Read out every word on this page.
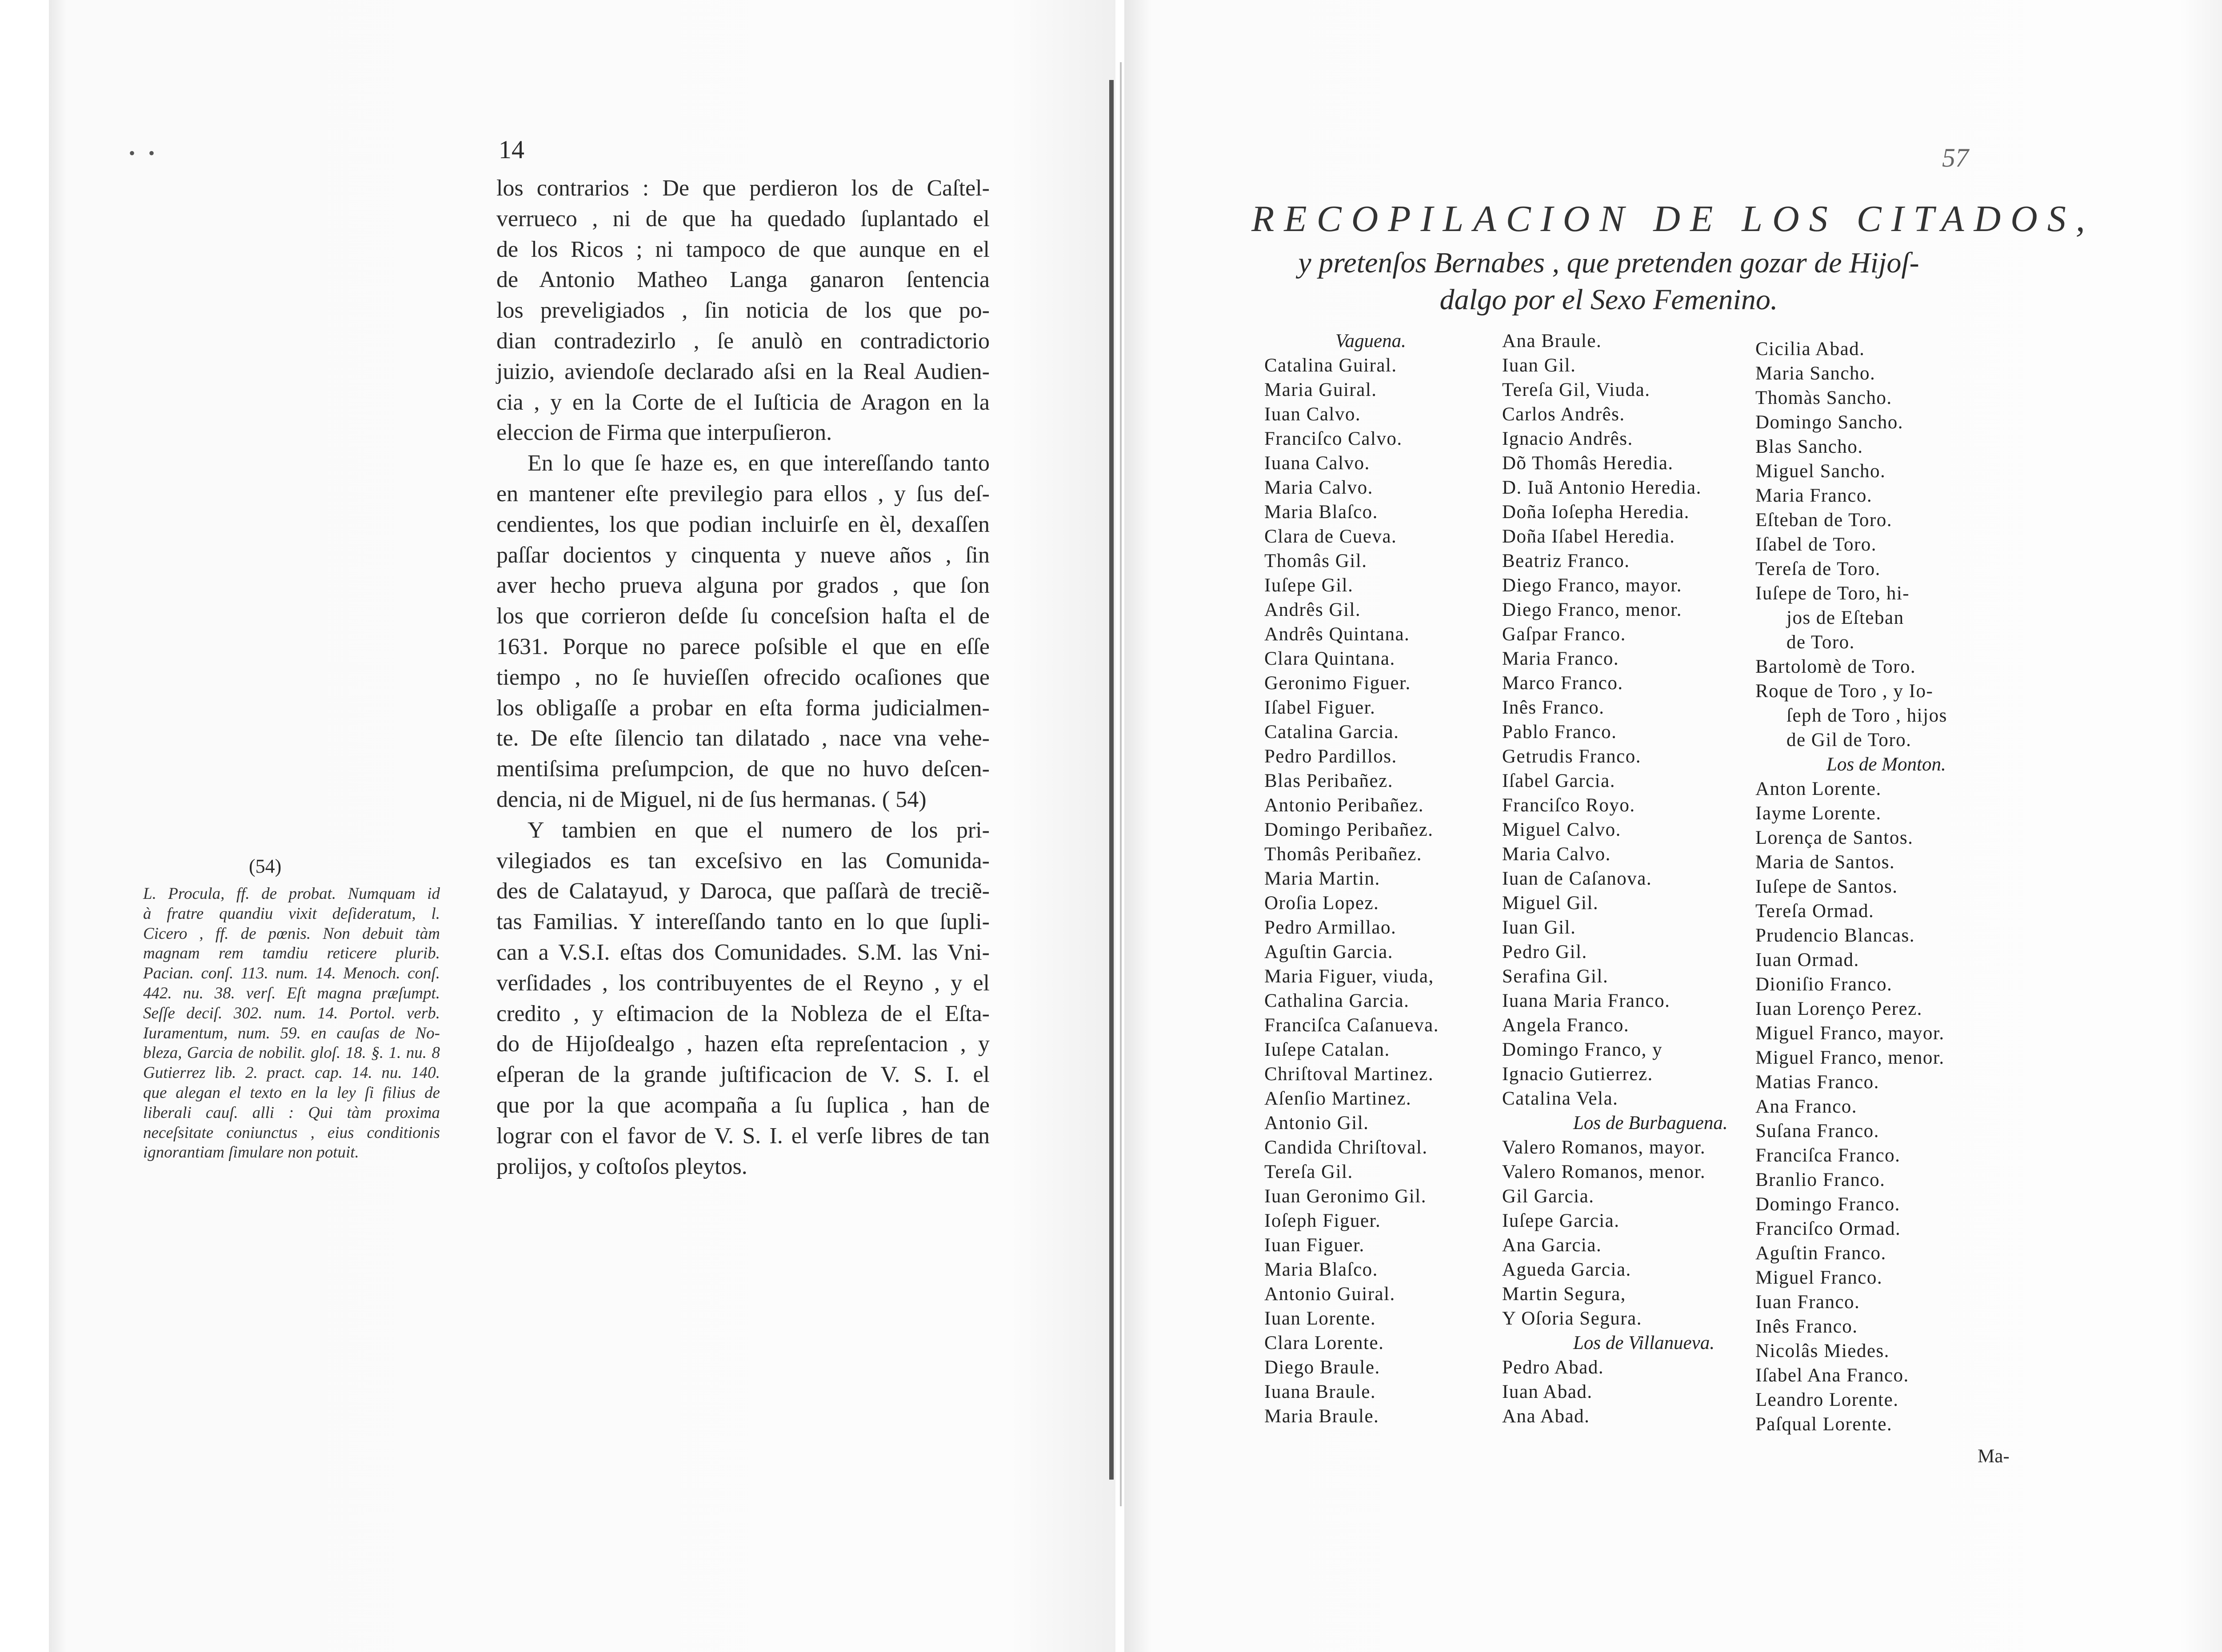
• •	14
los contrarios : De que perdieron los de Caſtel-
verrueco , ni de que ha quedado ſuplantado el
de los Ricos ; ni tampoco de que aunque en el
de Antonio Matheo Langa ganaron ſentencia
los preveligiados , ſin noticia de los que po-
dian contradezirlo , ſe anulò en contradictorio
juizio, aviendoſe declarado aſsi en la Real Audien-
cia , y en la Corte de el Iuſticia de Aragon en la
eleccion de Firma que interpuſieron.
En lo que ſe haze es, en que intereſſando tanto
en mantener eſte previlegio para ellos , y ſus deſ-
cendientes, los que podian incluirſe en èl, dexaſſen
paſſar docientos y cinquenta y nueve años , ſin
aver hecho prueva alguna por grados , que ſon
los que corrieron deſde ſu conceſsion haſta el de
1631. Porque no parece poſsible el que en eſſe
tiempo , no ſe huvieſſen ofrecido ocaſiones que
los obligaſſe a probar en eſta forma judicialmen-
te. De eſte ſilencio tan dilatado , nace vna vehe-
mentiſsima preſumpcion, de que no huvo deſcen-
dencia, ni de Miguel, ni de ſus hermanas. ( 54)
Y tambien en que el numero de los pri-
vilegiados es tan exceſsivo en las Comunida-
des de Calatayud, y Daroca, que paſſarà de treciẽ-
tas Familias. Y intereſſando tanto en lo que ſupli-
can a V.S.I. eſtas dos Comunidades. S.M. las Vni-
verſidades , los contribuyentes de el Reyno , y el
credito , y eſtimacion de la Nobleza de el Eſta-
do de Hijoſdealgo , hazen eſta repreſentacion , y
eſperan de la grande juſtificacion de V. S. I. el
que por la que acompaña a ſu ſuplica , han de
lograr con el favor de V. S. I. el verſe libres de tan
prolijos, y coſtoſos pleytos.
(54)
L. Procula, ff. de probat. Numquam id
à fratre quandiu vixit deſideratum, l.
Cicero , ff. de pœnis. Non debuit tàm
magnam rem tamdiu reticere plurib.
Pacian. conſ. 113. num. 14. Menoch. conſ.
442. nu. 38. verſ. Eſt magna præſumpt.
Seſſe deciſ. 302. num. 14. Portol. verb.
Iuramentum, num. 59. en cauſas de No-
bleza, Garcia de nobilit. gloſ. 18. §. 1. nu. 8
Gutierrez lib. 2. pract. cap. 14. nu. 140.
que alegan el texto en la ley ſi filius de
liberali cauſ. alli : Qui tàm proxima
neceſsitate coniunctus , eius conditionis
ignorantiam ſimulare non potuit.
57
RECOPILACION DE LOS CITADOS,
y pretenſos Bernabes , que pretenden gozar de Hijoſ-
dalgo por el Sexo Femenino.
Vaguena.
Catalina Guiral.
Maria Guiral.
Iuan Calvo.
Franciſco Calvo.
Iuana Calvo.
Maria Calvo.
Maria Blaſco.
Clara de Cueva.
Thomâs Gil.
Iuſepe Gil.
Andrês Gil.
Andrês Quintana.
Clara Quintana.
Geronimo Figuer.
Iſabel Figuer.
Catalina Garcia.
Pedro Pardillos.
Blas Peribañez.
Antonio Peribañez.
Domingo Peribañez.
Thomâs Peribañez.
Maria Martin.
Oroſia Lopez.
Pedro Armillao.
Aguſtin Garcia.
Maria Figuer, viuda,
Cathalina Garcia.
Franciſca Caſanueva.
Iuſepe Catalan.
Chriſtoval Martinez.
Aſenſio Martinez.
Antonio Gil.
Candida Chriſtoval.
Tereſa Gil.
Iuan Geronimo Gil.
Ioſeph Figuer.
Iuan Figuer.
Maria Blaſco.
Antonio Guiral.
Iuan Lorente.
Clara Lorente.
Diego Braule.
Iuana Braule.
Maria Braule.
Ana Braule.
Iuan Gil.
Tereſa Gil, Viuda.
Carlos Andrês.
Ignacio Andrês.
Dõ Thomâs Heredia.
D. Iuã Antonio Heredia.
Doña Ioſepha Heredia.
Doña Iſabel Heredia.
Beatriz Franco.
Diego Franco, mayor.
Diego Franco, menor.
Gaſpar Franco.
Maria Franco.
Marco Franco.
Inês Franco.
Pablo Franco.
Getrudis Franco.
Iſabel Garcia.
Franciſco Royo.
Miguel Calvo.
Maria Calvo.
Iuan de Caſanova.
Miguel Gil.
Iuan Gil.
Pedro Gil.
Serafina Gil.
Iuana Maria Franco.
Angela Franco.
Domingo Franco, y
Ignacio Gutierrez.
Catalina Vela.
Los de Burbaguena.
Valero Romanos, mayor.
Valero Romanos, menor.
Gil Garcia.
Iuſepe Garcia.
Ana Garcia.
Agueda Garcia.
Martin Segura,
Y Oſoria Segura.
Los de Villanueva.
Pedro Abad.
Iuan Abad.
Ana Abad.
Cicilia Abad.
Maria Sancho.
Thomàs Sancho.
Domingo Sancho.
Blas Sancho.
Miguel Sancho.
Maria Franco.
Eſteban de Toro.
Iſabel de Toro.
Tereſa de Toro.
Iuſepe de Toro, hi-
jos de Eſteban
de Toro.
Bartolomè de Toro.
Roque de Toro , y Io-
ſeph de Toro , hijos
de Gil de Toro.
Los de Monton.
Anton Lorente.
Iayme Lorente.
Lorença de Santos.
Maria de Santos.
Iuſepe de Santos.
Tereſa Ormad.
Prudencio Blancas.
Iuan Ormad.
Dioniſio Franco.
Iuan Lorenço Perez.
Miguel Franco, mayor.
Miguel Franco, menor.
Matias Franco.
Ana Franco.
Suſana Franco.
Franciſca Franco.
Branlio Franco.
Domingo Franco.
Franciſco Ormad.
Aguſtin Franco.
Miguel Franco.
Iuan Franco.
Inês Franco.
Nicolâs Miedes.
Iſabel Ana Franco.
Leandro Lorente.
Paſqual Lorente.
Ma-
